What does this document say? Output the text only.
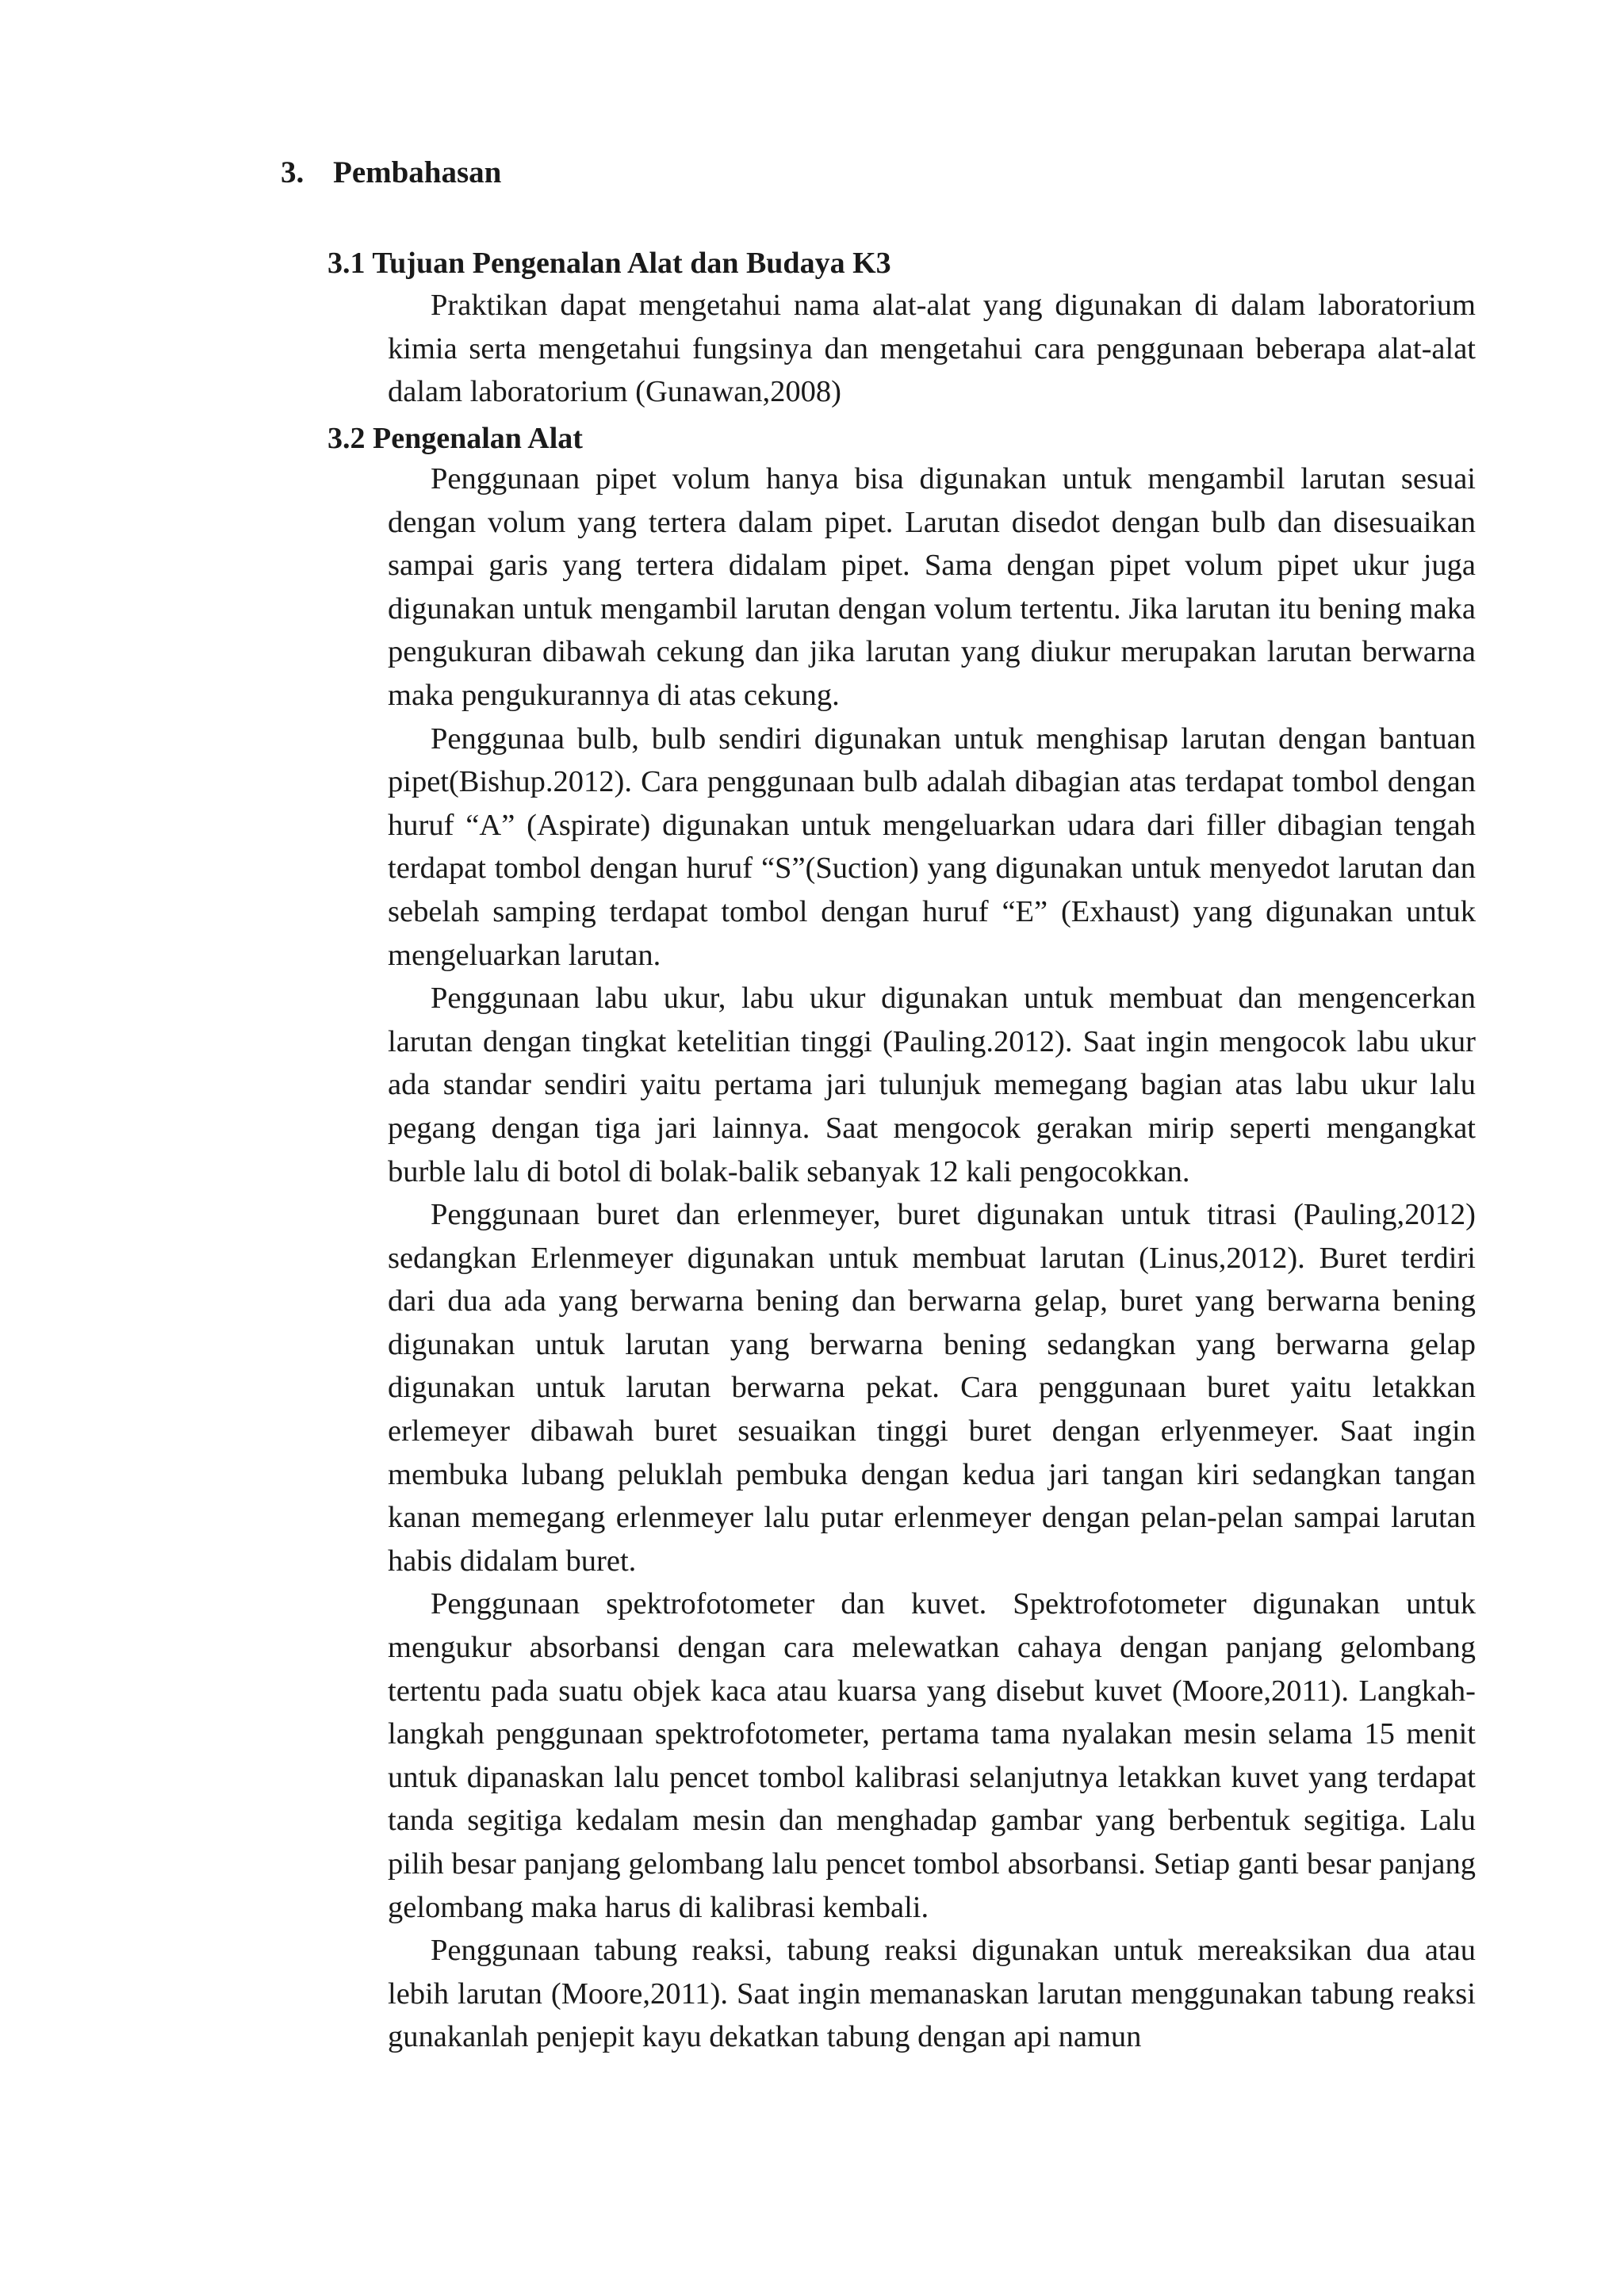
3. Pembahasan
3.1 Tujuan Pengenalan Alat dan Budaya K3

Praktikan dapat mengetahui nama alat-alat yang digunakan di dalam laboratorium kimia serta mengetahui fungsinya dan mengetahui cara penggunaan beberapa alat-alat dalam laboratorium (Gunawan,2008)

3.2 Pengenalan Alat

Penggunaan pipet volum hanya bisa digunakan untuk mengambil larutan sesuai dengan volum yang tertera dalam pipet. Larutan disedot dengan bulb dan disesuaikan sampai garis yang tertera didalam pipet. Sama dengan pipet volum pipet ukur juga digunakan untuk mengambil larutan dengan volum tertentu. Jika larutan itu bening maka pengukuran dibawah cekung dan jika larutan yang diukur merupakan larutan berwarna maka pengukurannya di atas cekung.

Penggunaa bulb, bulb sendiri digunakan untuk menghisap larutan dengan bantuan pipet(Bishup.2012). Cara penggunaan bulb adalah dibagian atas terdapat tombol dengan huruf “A” (Aspirate) digunakan untuk mengeluarkan udara dari filler dibagian tengah terdapat tombol dengan huruf “S”(Suction) yang digunakan untuk menyedot larutan dan sebelah samping terdapat tombol dengan huruf “E” (Exhaust) yang digunakan untuk mengeluarkan larutan.

Penggunaan labu ukur, labu ukur digunakan untuk membuat dan mengencerkan larutan dengan tingkat ketelitian tinggi (Pauling.2012). Saat ingin mengocok labu ukur ada standar sendiri yaitu pertama jari tulunjuk memegang bagian atas labu ukur lalu pegang dengan tiga jari lainnya. Saat mengocok gerakan mirip seperti mengangkat burble lalu di botol di bolak-balik sebanyak 12 kali pengocokkan.

Penggunaan buret dan erlenmeyer, buret digunakan untuk titrasi (Pauling,2012) sedangkan Erlenmeyer digunakan untuk membuat larutan (Linus,2012). Buret terdiri dari dua ada yang berwarna bening dan berwarna gelap, buret yang berwarna bening digunakan untuk larutan yang berwarna bening sedangkan yang berwarna gelap digunakan untuk larutan berwarna pekat. Cara penggunaan buret yaitu letakkan erlemeyer dibawah buret sesuaikan tinggi buret dengan erlyenmeyer. Saat ingin membuka lubang peluklah pembuka dengan kedua jari tangan kiri sedangkan tangan kanan memegang erlenmeyer lalu putar erlenmeyer dengan pelan-pelan sampai larutan habis didalam buret.

Penggunaan spektrofotometer dan kuvet. Spektrofotometer digunakan untuk mengukur absorbansi dengan cara melewatkan cahaya dengan panjang gelombang tertentu pada suatu objek kaca atau kuarsa yang disebut kuvet (Moore,2011). Langkah-langkah penggunaan spektrofotometer, pertama tama nyalakan mesin selama 15 menit untuk dipanaskan lalu pencet tombol kalibrasi selanjutnya letakkan kuvet yang terdapat tanda segitiga kedalam mesin dan menghadap gambar yang berbentuk segitiga. Lalu pilih besar panjang gelombang lalu pencet tombol absorbansi. Setiap ganti besar panjang gelombang maka harus di kalibrasi kembali.

Penggunaan tabung reaksi, tabung reaksi digunakan untuk mereaksikan dua atau lebih larutan (Moore,2011). Saat ingin memanaskan larutan menggunakan tabung reaksi gunakanlah penjepit kayu dekatkan tabung dengan api namun
